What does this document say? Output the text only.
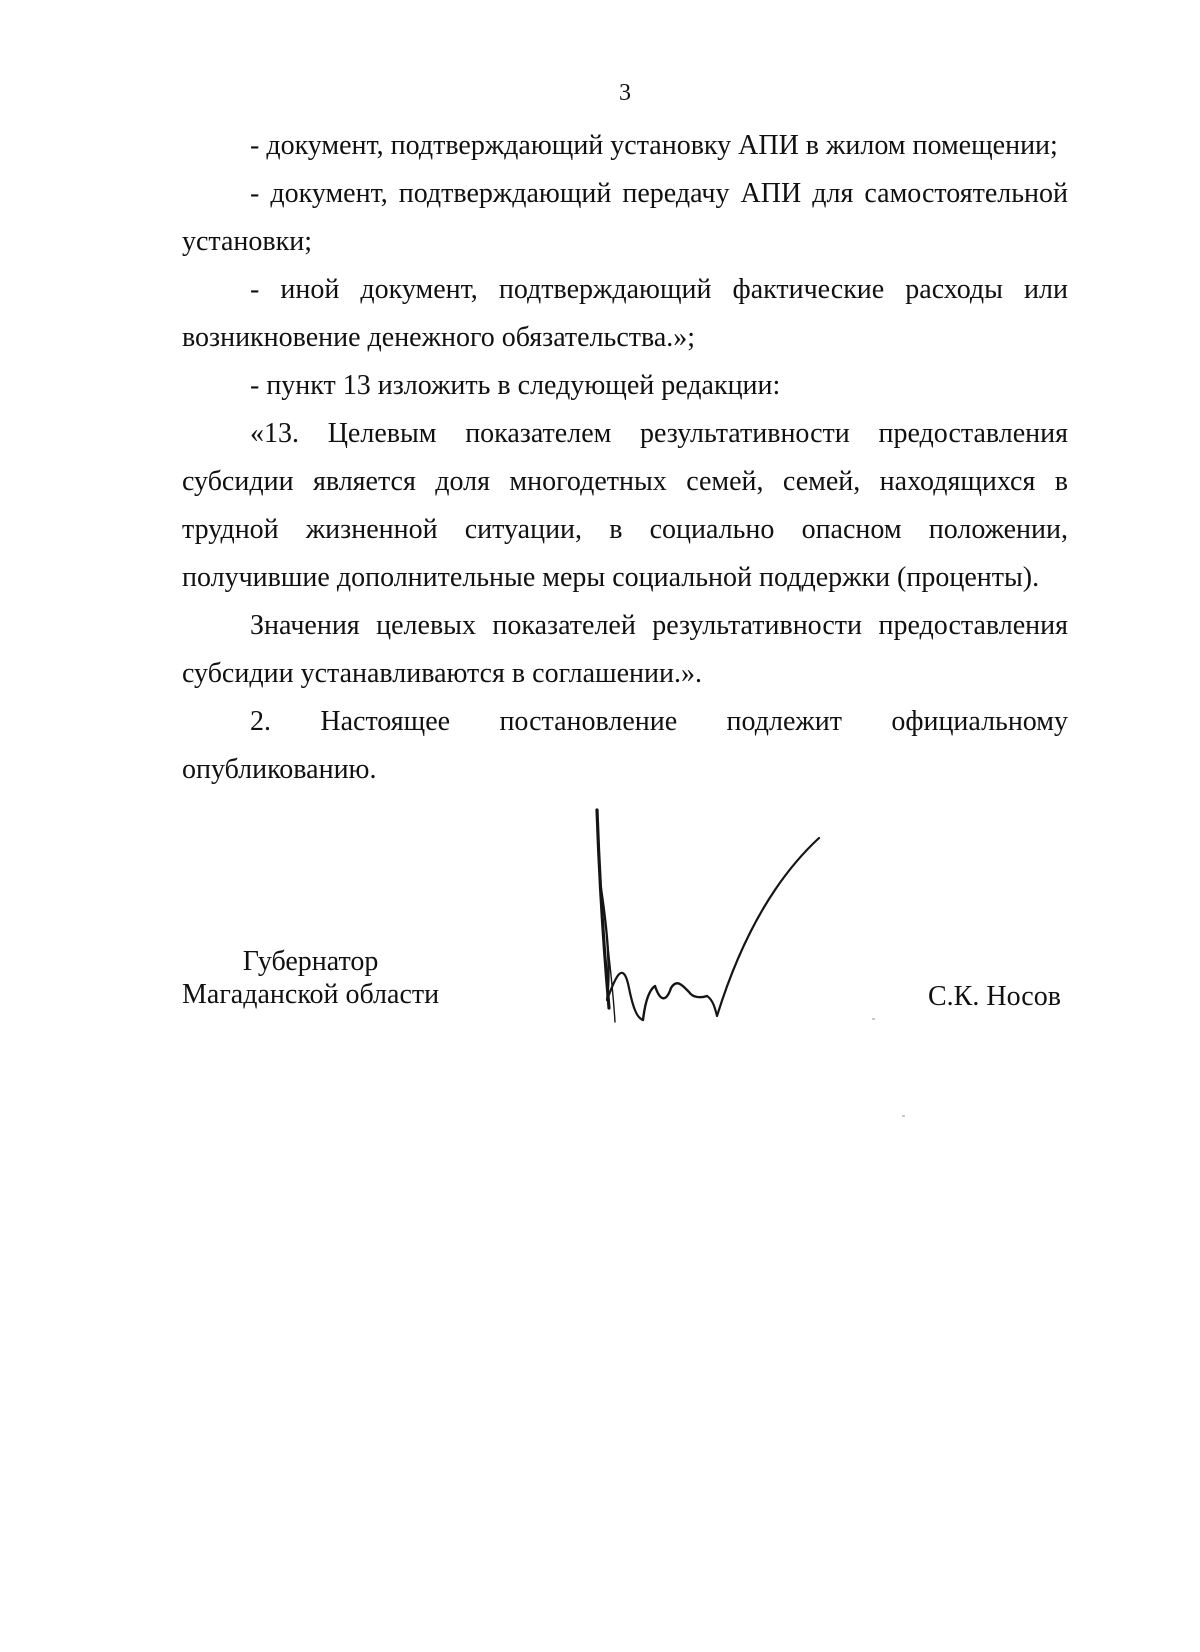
3

- документ, подтверждающий установку АПИ в жилом помещении;

- документ, подтверждающий передачу АПИ для самостоятельной установки;

- иной документ, подтверждающий фактические расходы или возникновение денежного обязательства.»;

- пункт 13 изложить в следующей редакции:

«13. Целевым показателем результативности предоставления субсидии является доля многодетных семей, семей, находящихся в трудной жизненной ситуации, в социально опасном положении, получившие дополнительные меры социальной поддержки (проценты).

Значения целевых показателей результативности предоставления субсидии устанавливаются в соглашении.».

2. Настоящее постановление подлежит официальному

опубликованию.

Губернатор
Магаданской области	С.К. Носов
